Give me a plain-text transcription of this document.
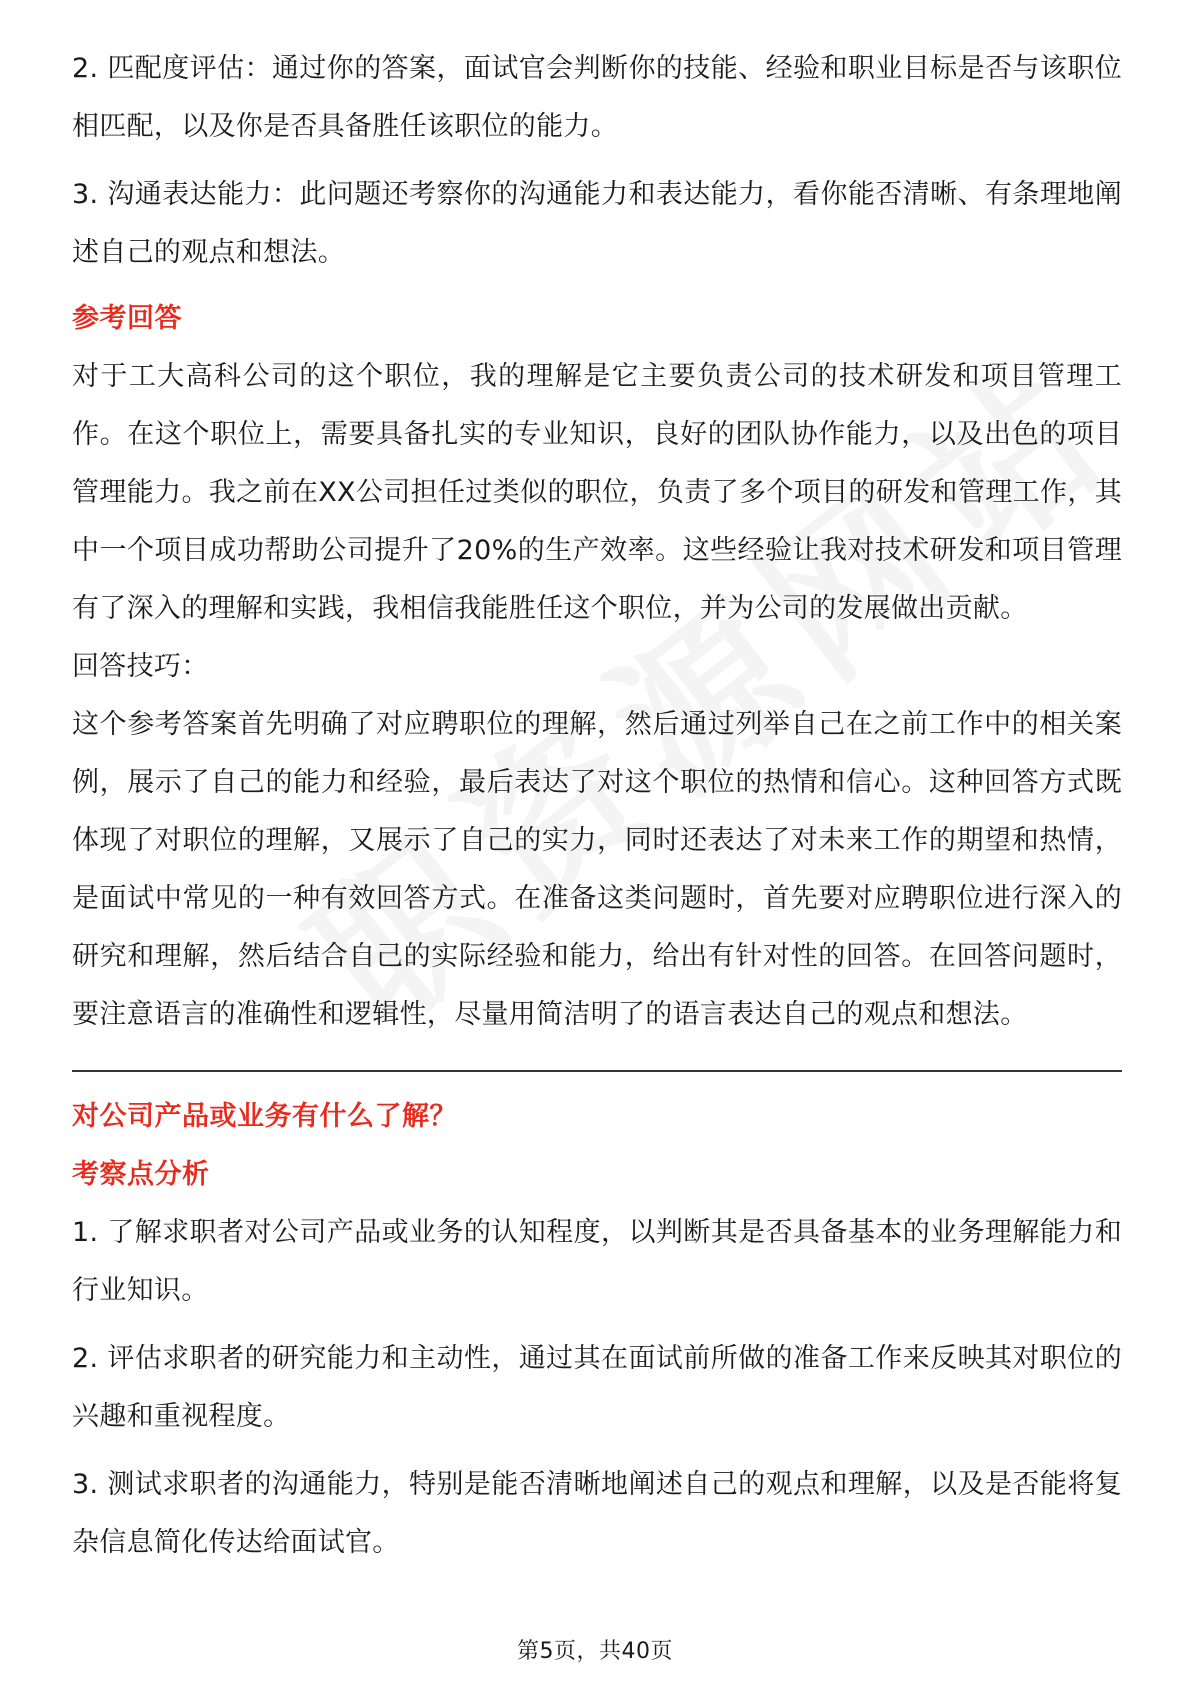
2. 匹配度评估：通过你的答案，面试官会判断你的技能、经验和职业目标是否与该职位相匹配，以及你是否具备胜任该职位的能力。

3. 沟通表达能力：此问题还考察你的沟通能力和表达能力，看你能否清晰、有条理地阐述自己的观点和想法。

参考回答

对于工大高科公司的这个职位，我的理解是它主要负责公司的技术研发和项目管理工作。在这个职位上，需要具备扎实的专业知识，良好的团队协作能力，以及出色的项目管理能力。我之前在XX公司担任过类似的职位，负责了多个项目的研发和管理工作，其中一个项目成功帮助公司提升了20%的生产效率。这些经验让我对技术研发和项目管理有了深入的理解和实践，我相信我能胜任这个职位，并为公司的发展做出贡献。

回答技巧：

这个参考答案首先明确了对应聘职位的理解，然后通过列举自己在之前工作中的相关案例，展示了自己的能力和经验，最后表达了对这个职位的热情和信心。这种回答方式既体现了对职位的理解，又展示了自己的实力，同时还表达了对未来工作的期望和热情，是面试中常见的一种有效回答方式。在准备这类问题时，首先要对应聘职位进行深入的研究和理解，然后结合自己的实际经验和能力，给出有针对性的回答。在回答问题时，要注意语言的准确性和逻辑性，尽量用简洁明了的语言表达自己的观点和想法。

对公司产品或业务有什么了解？

考察点分析

1. 了解求职者对公司产品或业务的认知程度，以判断其是否具备基本的业务理解能力和行业知识。

2. 评估求职者的研究能力和主动性，通过其在面试前所做的准备工作来反映其对职位的兴趣和重视程度。

3. 测试求职者的沟通能力，特别是能否清晰地阐述自己的观点和理解，以及是否能将复杂信息简化传达给面试官。

第5页，共40页
